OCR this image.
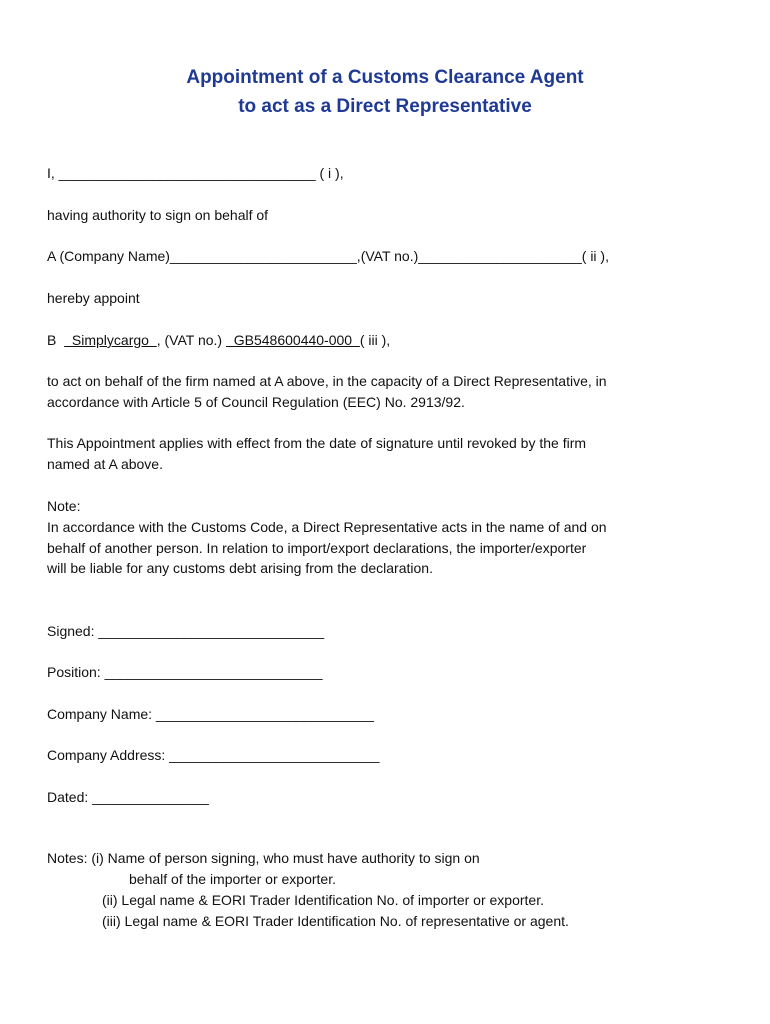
Appointment of a Customs Clearance Agent
to act as a Direct Representative

I, _________________________________ ( i ),

having authority to sign on behalf of

A (Company Name)________________________,(VAT no.)_____________________( ii ),

hereby appoint

B    Simplycargo  , (VAT no.)   GB548600440-000  ( iii ),

to act on behalf of the firm named at A above, in the capacity of a Direct Representative, in

accordance with Article 5 of Council Regulation (EEC) No. 2913/92.

This Appointment applies with effect from the date of signature until revoked by the firm

named at A above.

Note:

In accordance with the Customs Code, a Direct Representative acts in the name of and on

behalf of another person. In relation to import/export declarations, the importer/exporter

will be liable for any customs debt arising from the declaration.

Signed: _____________________________

Position: ____________________________

Company Name: ____________________________

Company Address: ___________________________

Dated: _______________

Notes: (i) Name of person signing, who must have authority to sign on

behalf of the importer or exporter.

(ii) Legal name & EORI Trader Identification No. of importer or exporter.

(iii) Legal name & EORI Trader Identification No. of representative or agent.
